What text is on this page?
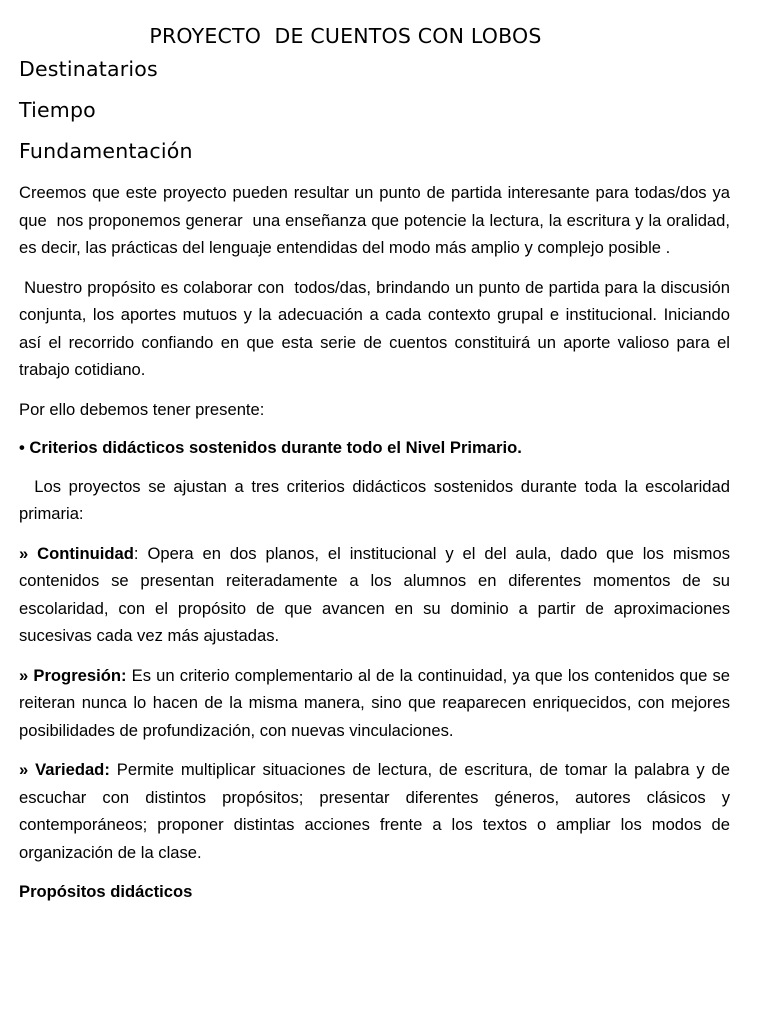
PROYECTO  DE CUENTOS CON LOBOS
Destinatarios
Tiempo
Fundamentación

Creemos que este proyecto pueden resultar un punto de partida interesante para todas/dos ya que  nos proponemos generar  una enseñanza que potencie la lectura, la escritura y la oralidad, es decir, las prácticas del lenguaje entendidas del modo más amplio y complejo posible .

Nuestro propósito es colaborar con  todos/das, brindando un punto de partida para la discusión conjunta, los aportes mutuos y la adecuación a cada contexto grupal e institucional. Iniciando así el recorrido confiando en que esta serie de cuentos constituirá un aporte valioso para el trabajo cotidiano.

Por ello debemos tener presente:

• Criterios didácticos sostenidos durante todo el Nivel Primario.

Los proyectos se ajustan a tres criterios didácticos sostenidos durante toda la escolaridad primaria:

» Continuidad: Opera en dos planos, el institucional y el del aula, dado que los mismos contenidos se presentan reiteradamente a los alumnos en diferentes momentos de su escolaridad, con el propósito de que avancen en su dominio a partir de aproximaciones sucesivas cada vez más ajustadas.

» Progresión: Es un criterio complementario al de la continuidad, ya que los contenidos que se reiteran nunca lo hacen de la misma manera, sino que reaparecen enriquecidos, con mejores posibilidades de profundización, con nuevas vinculaciones.

» Variedad: Permite multiplicar situaciones de lectura, de escritura, de tomar la palabra y de escuchar con distintos propósitos; presentar diferentes géneros, autores clásicos y contemporáneos; proponer distintas acciones frente a los textos o ampliar los modos de organización de la clase.

Propósitos didácticos
